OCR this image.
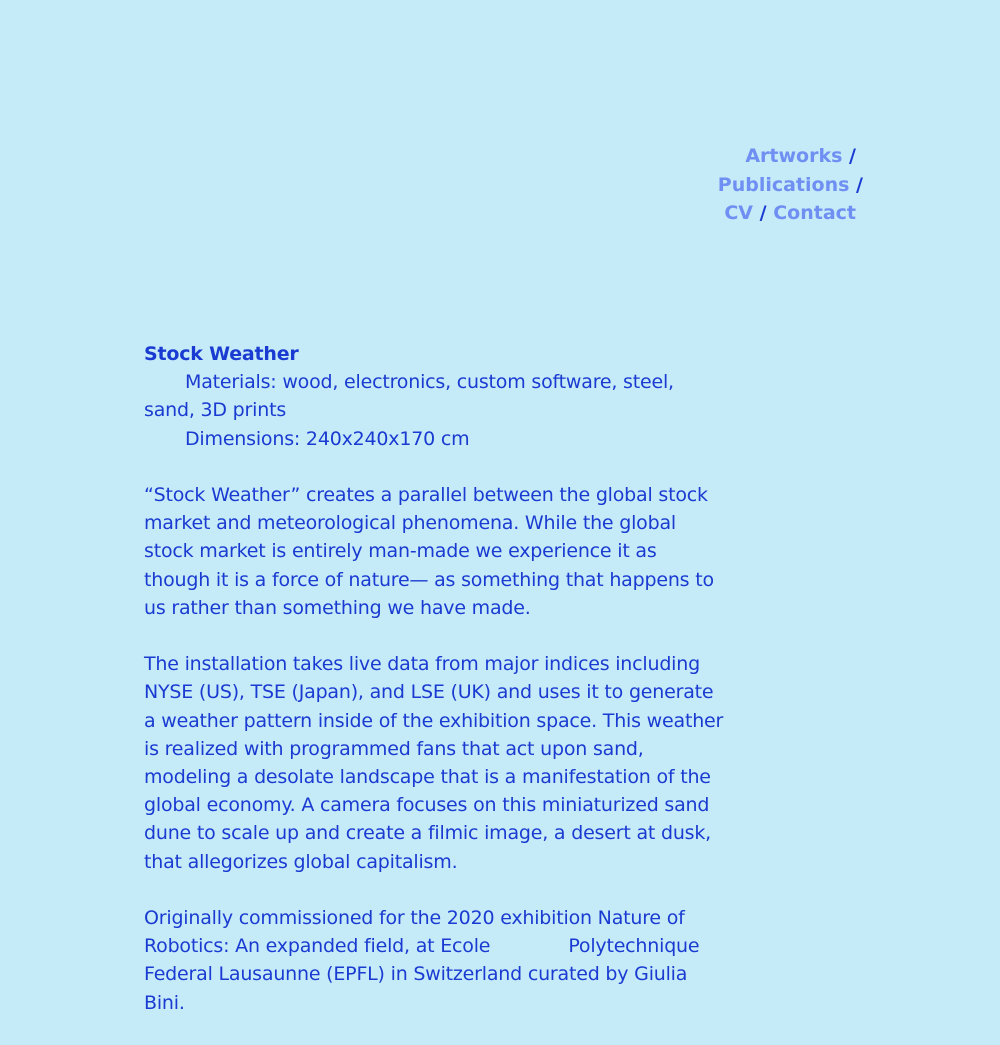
Artworks /
Publications /
CV / Contact
Stock Weather
Materials: wood, electronics, custom software, steel, sand, 3D prints
Dimensions: 240x240x170 cm

“Stock Weather” creates a parallel between the global stock market and meteorological phenomena. While the global stock market is entirely man-made we experience it as though it is a force of nature— as something that happens to us rather than something we have made.

The installation takes live data from major indices including NYSE (US), TSE (Japan), and LSE (UK) and uses it to generate a weather pattern inside of the exhibition space. This weather is realized with programmed fans that act upon sand, modeling a desolate landscape that is a manifestation of the global economy. A camera focuses on this miniaturized sand dune to scale up and create a filmic image, a desert at dusk, that allegorizes global capitalism.

Originally commissioned for the 2020 exhibition Nature of Robotics: An expanded field, at Ecole	Polytechnique Federal Lausaunne (EPFL) in Switzerland curated by Giulia Bini.
